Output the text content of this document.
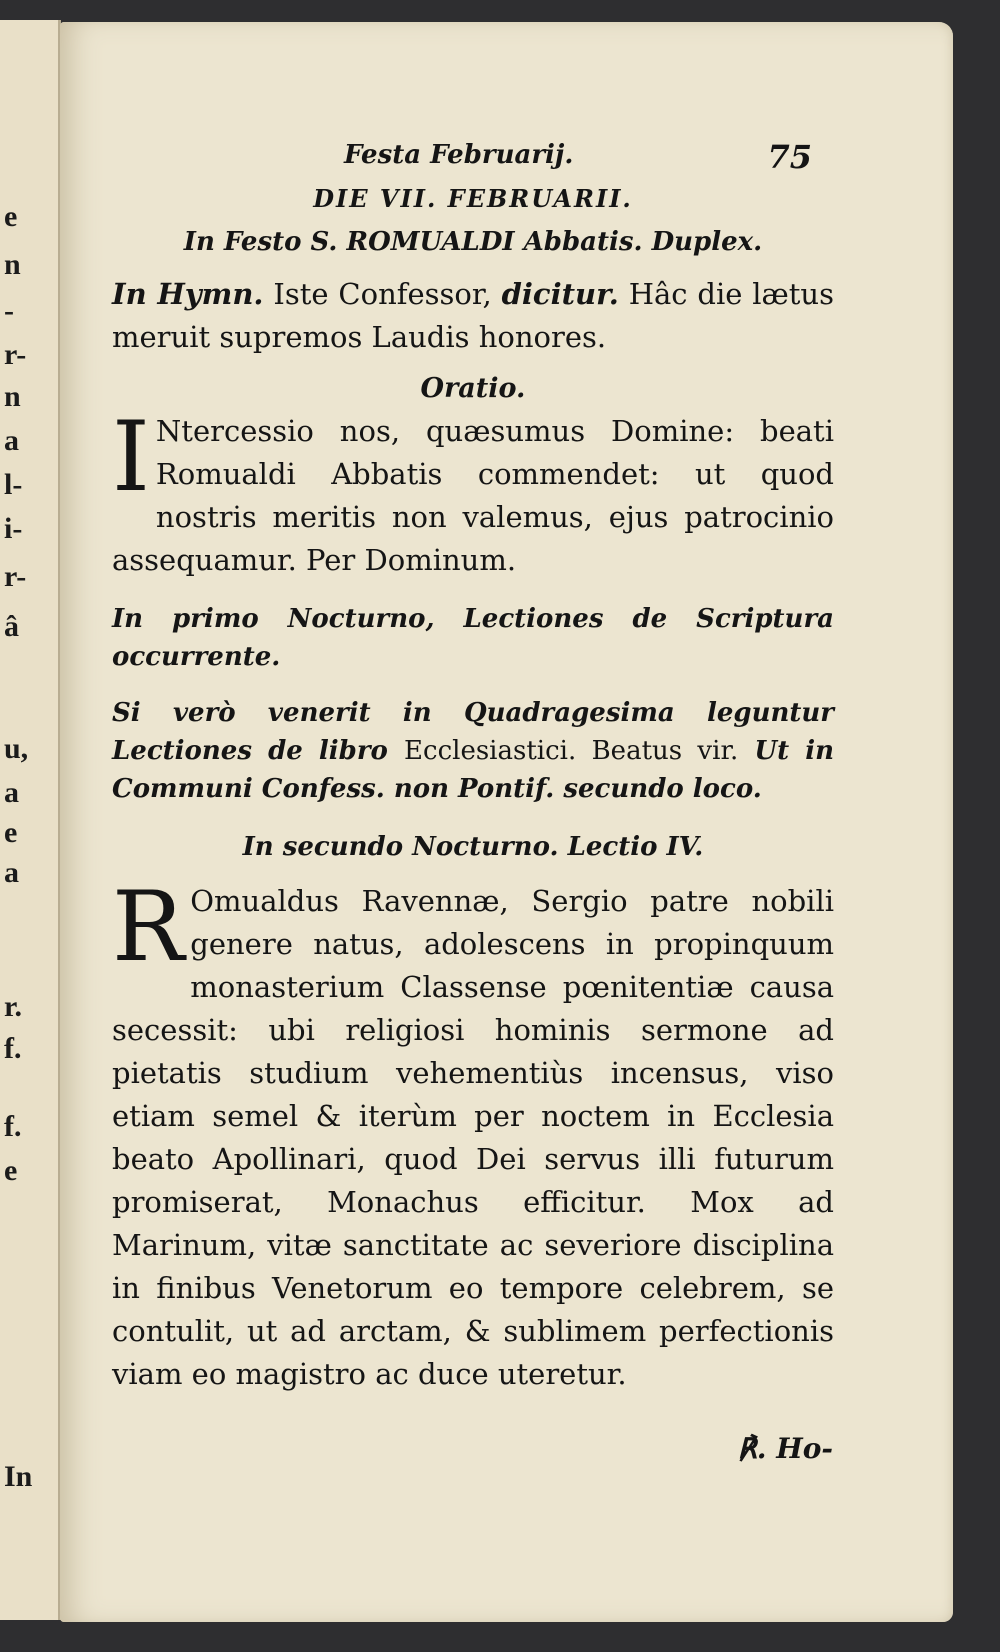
e
n
-
r-
n
a
l-
i-
r-
â
u,
a
e
a
r.
f.
f.
e
In
Festa Februarij.	75
DIE VII. FEBRUARII.
In Festo S. ROMUALDI Abbatis. Duplex.

In Hymn. Iste Confessor, dicitur. Hâc die lætus meruit supremos Laudis honores.

Oratio.

I Ntercessio nos, quæsumus Domine: beati Romualdi Abbatis commendet: ut quod nostris meritis non valemus, ejus patrocinio assequamur. Per Dominum.

In primo Nocturno, Lectiones de Scriptura occurrente.

Si verò venerit in Quadragesima leguntur Lectiones de libro Ecclesiastici. Beatus vir. Ut in Communi Confess. non Pontif. secundo loco.

In secundo Nocturno. Lectio IV.

R Omualdus Ravennæ, Sergio patre nobili genere natus, adolescens in propinquum monasterium Classense pœnitentiæ causa secessit: ubi religiosi hominis sermone ad pietatis studium vehementiùs incensus, viso etiam semel & iterùm per noctem in Ecclesia beato Apollinari, quod Dei servus illi futurum promiserat, Monachus efficitur. Mox ad Marinum, vitæ sanctitate ac severiore disciplina in finibus Venetorum eo tempore celebrem, se contulit, ut ad arctam, & sublimem perfectionis viam eo magistro ac duce uteretur.

℟. Ho-
